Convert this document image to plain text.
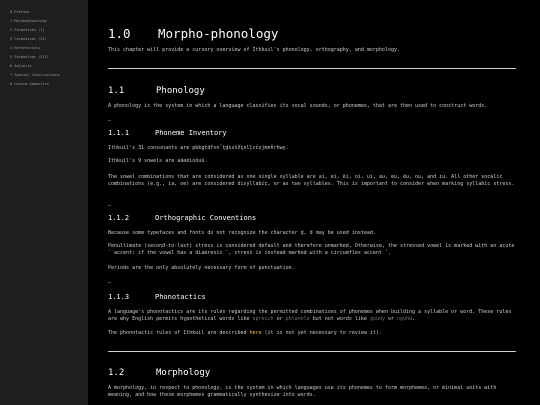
0 Preface
1 Morphophonology
2 Formatives (I)
3 Formatives (II)
4 Referentials
5 Formatives (III)
6 Adjuncts
7 Special Constructions
8 Lexico-Semantics
1.0	Morpho-phonology

This chapter will provide a cursory overview of Ithkuil's phonology, orthography, and morphology.

1.1	Phonology

A phonology is the system in which a language classifies its vocal sounds, or phonemes, that are then used to construct words.

–
1.1.1	Phoneme Inventory

Ithkuil's 31 consonants are pbkgtdfvnˆţḑszšžçxlļcčẓjmnňrhwy.

Ithkuil's 9 vowels are aäeëioöuü.

The vowel combinations that are considered as one single syllable are ai, ei, ëi, oi, ui, au, eu, ëu, ou, and iu. All other vocalic combinations (e.g., ia, oe) are considered disyllabic, or as two syllables. This is important to consider when marking syllabic stress.

–
1.1.2	Orthographic Conventions

Because some typefaces and fonts do not recognize the character ḑ, d may be used instead.

Penultimate (second-to-last) stress is considered default and therefore unmarked. Otherwise, the stressed vowel is marked with an acute ´ accent; if the vowel has a diaeresis ¨, stress is instead marked with a circumflex accent ˆ.

Periods are the only absolutely necessary form of punctuation.

–
1.1.3	Phonotactics

A language's phonotactics are its rules regarding the permitted combinations of phonemes when building a syllable or word. These rules are why English permits hypothetical words like spreich or phlankle but not words like goudy or nguhd.

The phonotactic rules of Ithkuil are described here (it is not yet necessary to review it).

1.2	Morphology

A morphology, in respect to phonology, is the system in which languages use its phonemes to form morphemes, or minimal units with meaning, and how these morphemes grammatically synthesize into words.
